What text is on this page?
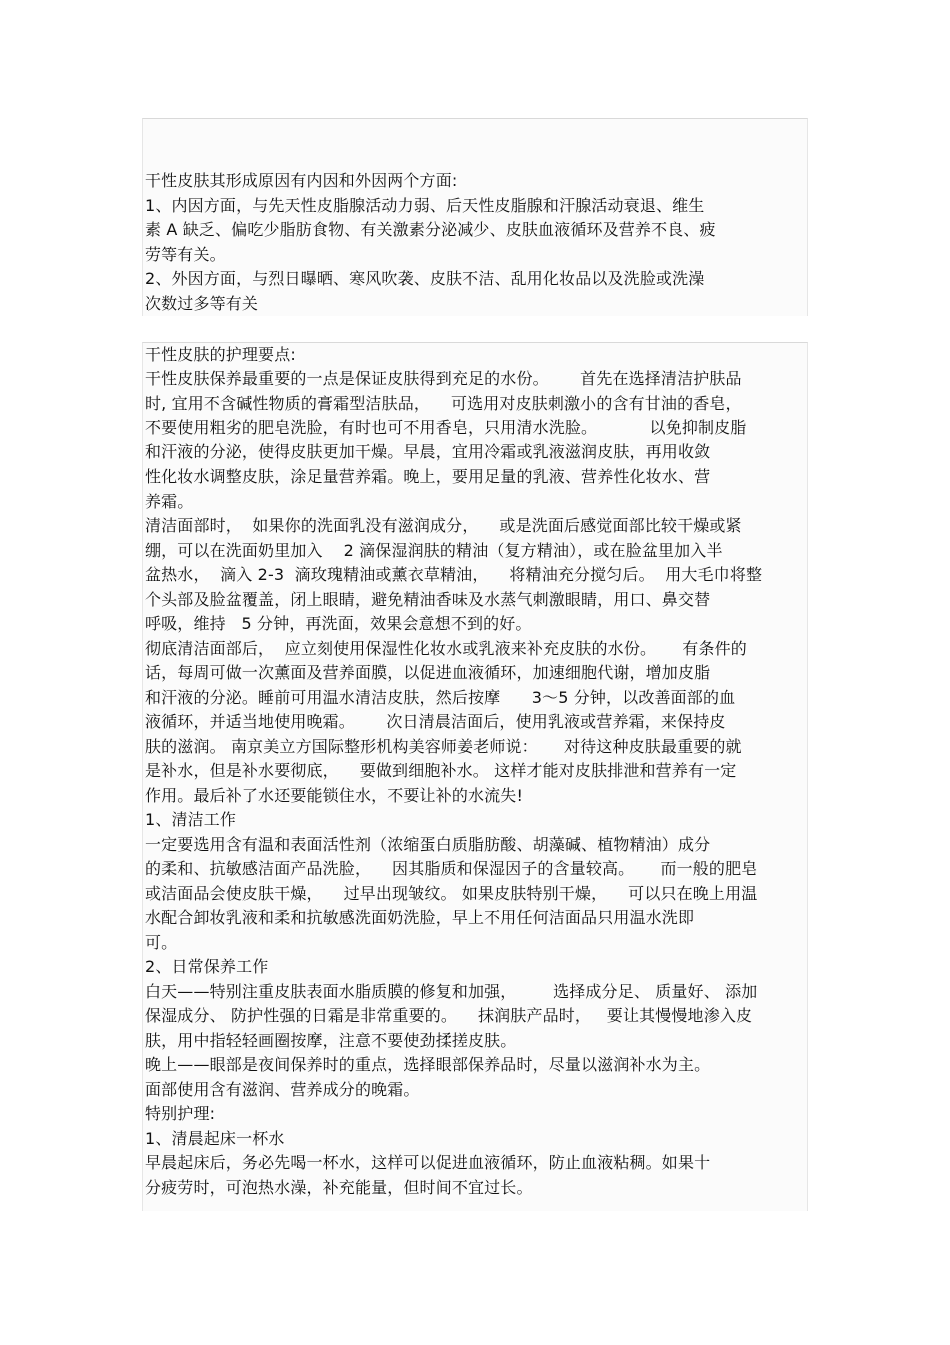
干性皮肤其形成原因有内因和外因两个方面:
1、内因方面，与先天性皮脂腺活动力弱、后天性皮脂腺和汗腺活动衰退、维生
素 A 缺乏、偏吃少脂肪食物、有关激素分泌减少、皮肤血液循环及营养不良、疲
劳等有关。
2、外因方面，与烈日曝晒、寒风吹袭、皮肤不洁、乱用化妆品以及洗脸或洗澡
次数过多等有关
干性皮肤的护理要点:
干性皮肤保养最重要的一点是保证皮肤得到充足的水份。      首先在选择清洁护肤品
时, 宜用不含碱性物质的膏霜型洁肤品，    可选用对皮肤刺激小的含有甘油的香皂，
不要使用粗劣的肥皂洗脸，有时也可不用香皂，只用清水洗脸。          以免抑制皮脂
和汗液的分泌，使得皮肤更加干燥。早晨，宜用冷霜或乳液滋润皮肤，再用收敛
性化妆水调整皮肤，涂足量营养霜。晚上，要用足量的乳液、营养性化妆水、营
养霜。
清洁面部时，  如果你的洗面乳没有滋润成分，    或是洗面后感觉面部比较干燥或紧
绷，可以在洗面奶里加入    2 滴保湿润肤的精油（复方精油），或在脸盆里加入半
盆热水，  滴入 2-3  滴玫瑰精油或薰衣草精油，    将精油充分搅匀后。  用大毛巾将整
个头部及脸盆覆盖，闭上眼睛，避免精油香味及水蒸气刺激眼睛，用口、鼻交替
呼吸，维持   5 分钟，再洗面，效果会意想不到的好。
彻底清洁面部后，  应立刻使用保湿性化妆水或乳液来补充皮肤的水份。     有条件的
话，每周可做一次薰面及营养面膜，以促进血液循环，加速细胞代谢，增加皮脂
和汗液的分泌。睡前可用温水清洁皮肤，然后按摩      3～5 分钟，以改善面部的血
液循环，并适当地使用晚霜。      次日清晨洁面后，使用乳液或营养霜，来保持皮
肤的滋润。 南京美立方国际整形机构美容师姜老师说：     对待这种皮肤最重要的就
是补水，但是补水要彻底，    要做到细胞补水。 这样才能对皮肤排泄和营养有一定
作用。最后补了水还要能锁住水，不要让补的水流失!
1、清洁工作
一定要选用含有温和表面活性剂（浓缩蛋白质脂肪酸、胡藻碱、植物精油）成分
的柔和、抗敏感洁面产品洗脸，    因其脂质和保湿因子的含量较高。     而一般的肥皂
或洁面品会使皮肤干燥，    过早出现皱纹。 如果皮肤特别干燥，    可以只在晚上用温
水配合卸妆乳液和柔和抗敏感洗面奶洗脸，早上不用任何洁面品只用温水洗即
可。
2、日常保养工作
白天——特别注重皮肤表面水脂质膜的修复和加强，       选择成分足、 质量好、 添加
保湿成分、 防护性强的日霜是非常重要的。    抹润肤产品时，   要让其慢慢地渗入皮
肤，用中指轻轻画圈按摩，注意不要使劲揉搓皮肤。
晚上——眼部是夜间保养时的重点，选择眼部保养品时，尽量以滋润补水为主。
面部使用含有滋润、营养成分的晚霜。
特别护理:
1、清晨起床一杯水
早晨起床后，务必先喝一杯水，这样可以促进血液循环，防止血液粘稠。如果十
分疲劳时，可泡热水澡，补充能量，但时间不宜过长。
